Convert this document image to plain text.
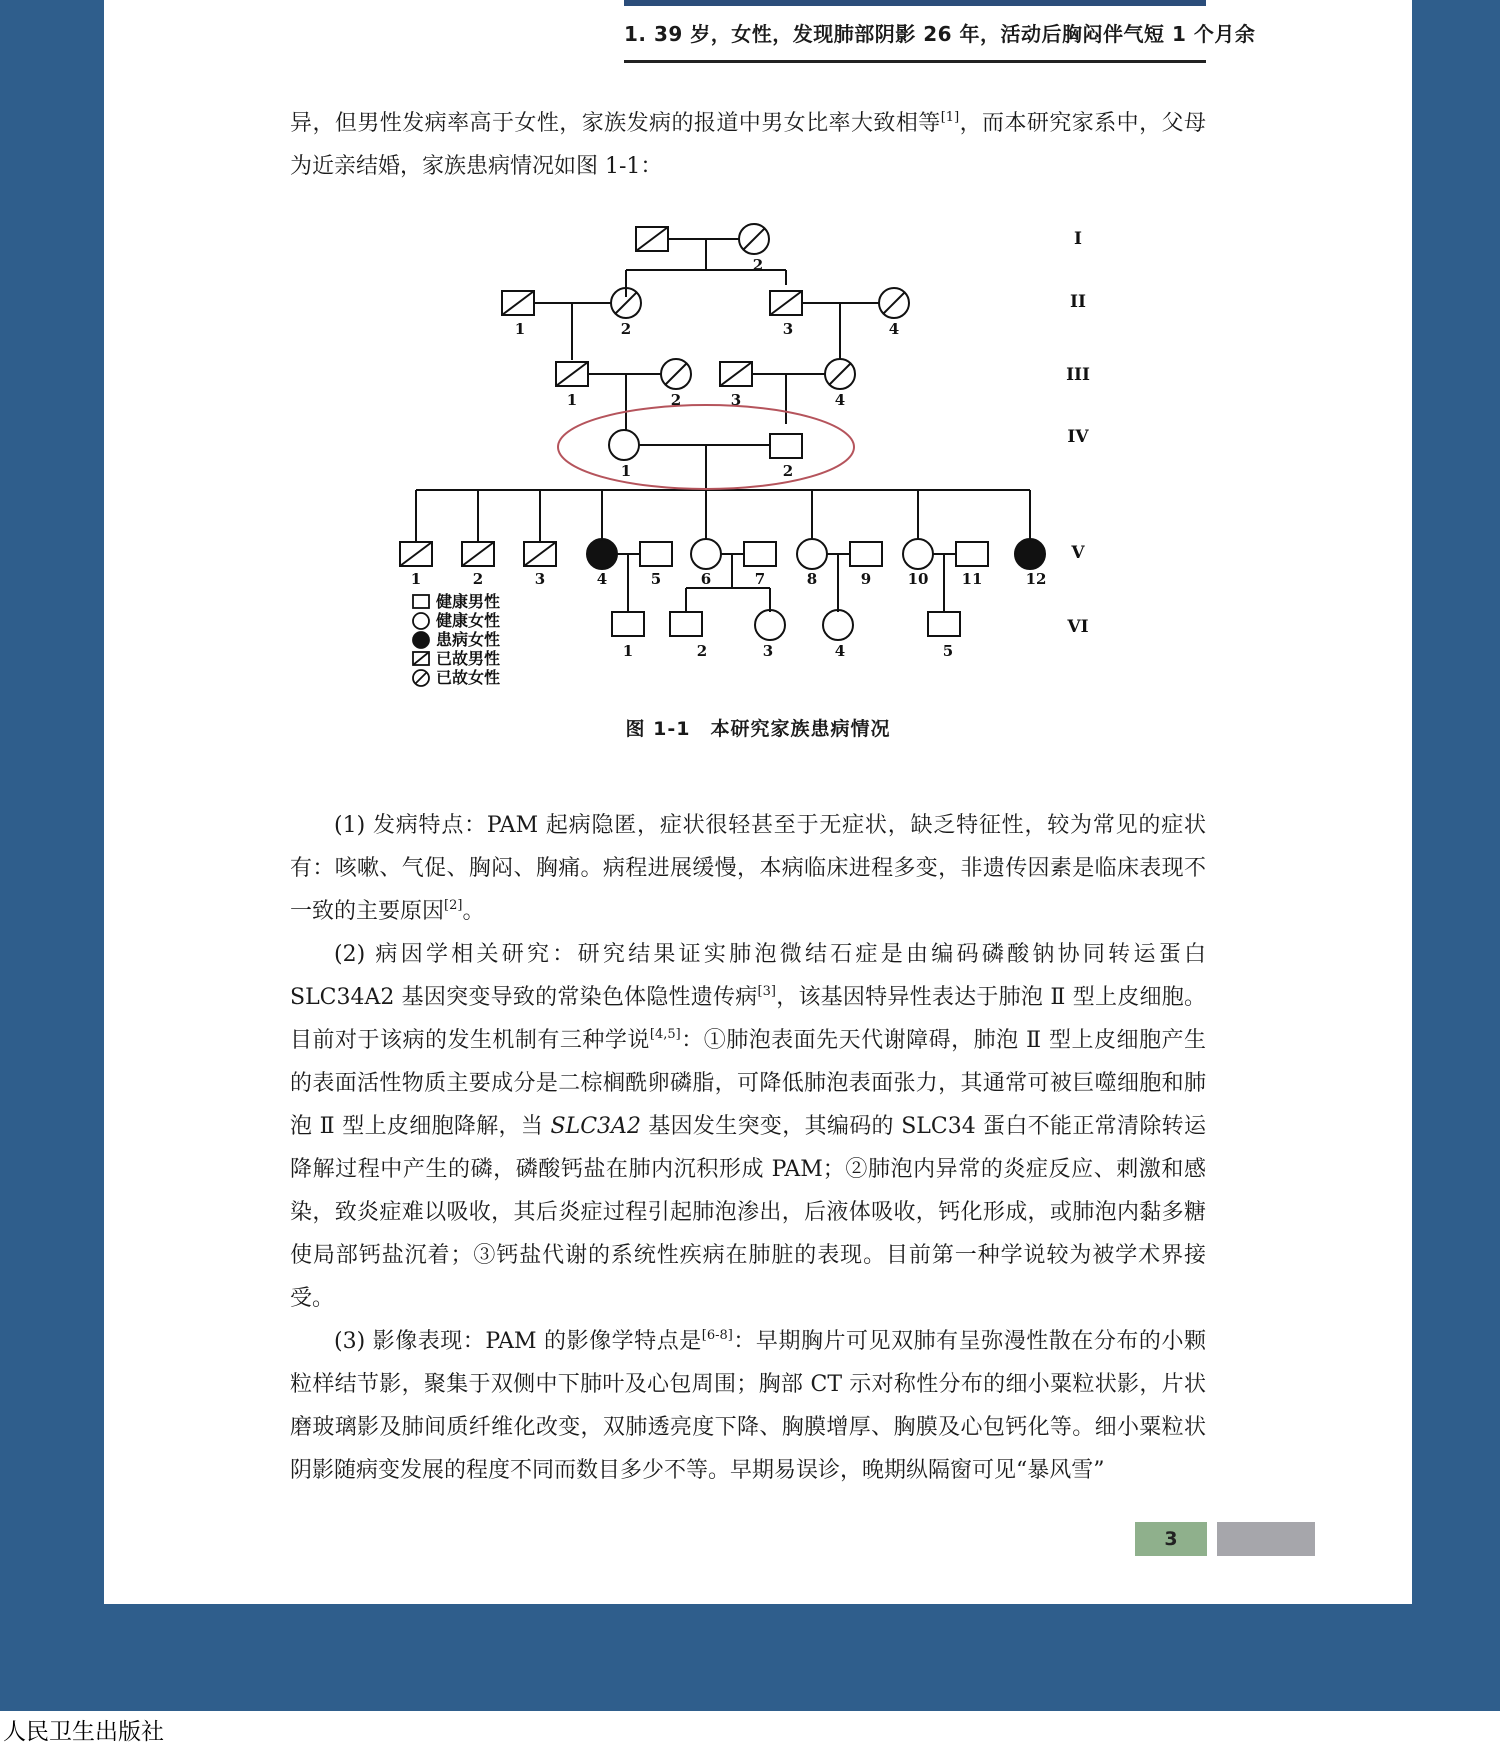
1. 39 岁，女性，发现肺部阴影 26 年，活动后胸闷伴气短 1 个月余

异，但男性发病率高于女性，家族发病的报道中男女比率大致相等[1]，而本研究家系中，父母为近亲结婚，家族患病情况如图 1-1：

健康男性
健康女性
患病女性
已故男性
已故女性
2
1	2	3	4
1	2	3	4
1	2
1	2	3	4	5	6	7	8	9 10 11	12
1	2	3	4	5
I
II
III
IV
V
VI
图 1-1　本研究家族患病情况

(1) 发病特点：PAM 起病隐匿，症状很轻甚至于无症状，缺乏特征性，较为常见的症状有：咳嗽、气促、胸闷、胸痛。病程进展缓慢，本病临床进程多变，非遗传因素是临床表现不一致的主要原因[2]。

(2) 病因学相关研究：研究结果证实肺泡微结石症是由编码磷酸钠协同转运蛋白 SLC34A2 基因突变导致的常染色体隐性遗传病[3]，该基因特异性表达于肺泡 Ⅱ 型上皮细胞。目前对于该病的发生机制有三种学说[4,5]：①肺泡表面先天代谢障碍，肺泡 Ⅱ 型上皮细胞产生的表面活性物质主要成分是二棕榈酰卵磷脂，可降低肺泡表面张力，其通常可被巨噬细胞和肺泡 Ⅱ 型上皮细胞降解，当 SLC3A2 基因发生突变，其编码的 SLC34 蛋白不能正常清除转运降解过程中产生的磷，磷酸钙盐在肺内沉积形成 PAM；②肺泡内异常的炎症反应、刺激和感染，致炎症难以吸收，其后炎症过程引起肺泡渗出，后液体吸收，钙化形成，或肺泡内黏多糖使局部钙盐沉着；③钙盐代谢的系统性疾病在肺脏的表现。目前第一种学说较为被学术界接受。

(3) 影像表现：PAM 的影像学特点是[6-8]：早期胸片可见双肺有呈弥漫性散在分布的小颗粒样结节影，聚集于双侧中下肺叶及心包周围；胸部 CT 示对称性分布的细小粟粒状影，片状磨玻璃影及肺间质纤维化改变，双肺透亮度下降、胸膜增厚、胸膜及心包钙化等。细小粟粒状阴影随病变发展的程度不同而数目多少不等。早期易误诊，晚期纵隔窗可见“暴风雪”

3
人民卫生出版社
